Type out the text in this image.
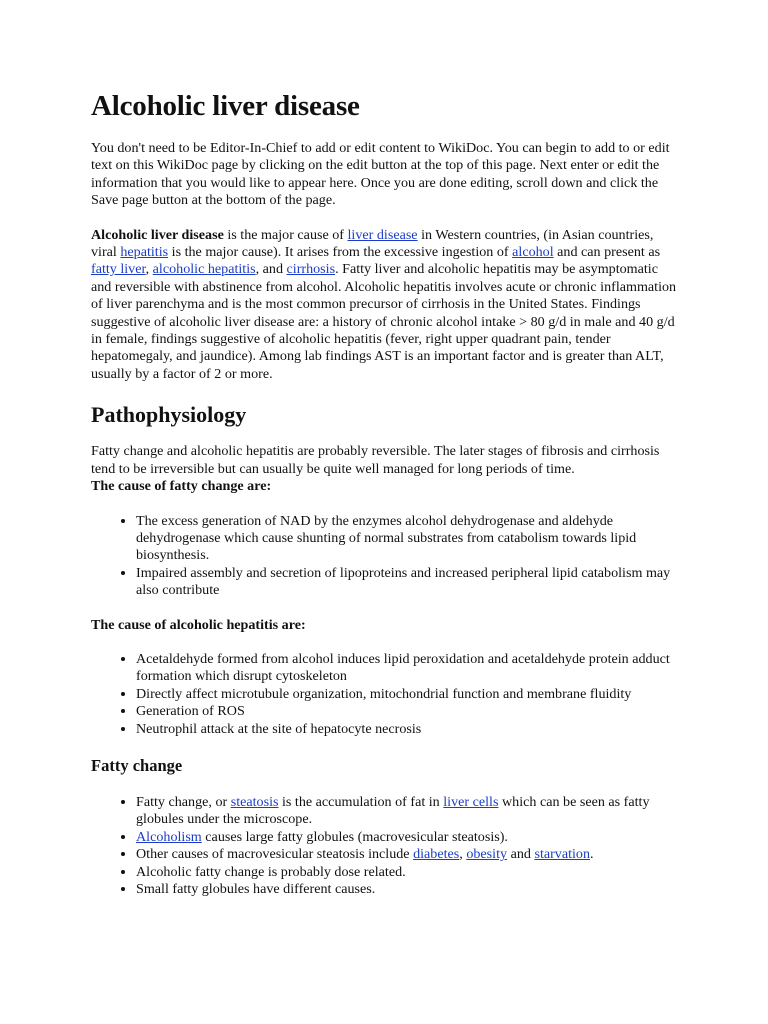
Alcoholic liver disease

You don't need to be Editor-In-Chief to add or edit content to WikiDoc. You can begin to add to or edit text on this WikiDoc page by clicking on the edit button at the top of this page. Next enter or edit the information that you would like to appear here. Once you are done editing, scroll down and click the Save page button at the bottom of the page.

Alcoholic liver disease is the major cause of liver disease in Western countries, (in Asian countries, viral hepatitis is the major cause). It arises from the excessive ingestion of alcohol and can present as fatty liver, alcoholic hepatitis, and cirrhosis. Fatty liver and alcoholic hepatitis may be asymptomatic and reversible with abstinence from alcohol. Alcoholic hepatitis involves acute or chronic inflammation of liver parenchyma and is the most common precursor of cirrhosis in the United States. Findings suggestive of alcoholic liver disease are: a history of chronic alcohol intake > 80 g/d in male and 40 g/d in female, findings suggestive of alcoholic hepatitis (fever, right upper quadrant pain, tender hepatomegaly, and jaundice). Among lab findings AST is an important factor and is greater than ALT, usually by a factor of 2 or more.

Pathophysiology

Fatty change and alcoholic hepatitis are probably reversible. The later stages of fibrosis and cirrhosis tend to be irreversible but can usually be quite well managed for long periods of time.
The cause of fatty change are:

• The excess generation of NAD by the enzymes alcohol dehydrogenase and aldehyde dehydrogenase which cause shunting of normal substrates from catabolism towards lipid biosynthesis.
• Impaired assembly and secretion of lipoproteins and increased peripheral lipid catabolism may also contribute

The cause of alcoholic hepatitis are:

• Acetaldehyde formed from alcohol induces lipid peroxidation and acetaldehyde protein adduct formation which disrupt cytoskeleton
• Directly affect microtubule organization, mitochondrial function and membrane fluidity
• Generation of ROS
• Neutrophil attack at the site of hepatocyte necrosis
Fatty change
• Fatty change, or steatosis is the accumulation of fat in liver cells which can be seen as fatty globules under the microscope.
• Alcoholism causes large fatty globules (macrovesicular steatosis).
• Other causes of macrovesicular steatosis include diabetes, obesity and starvation.
• Alcoholic fatty change is probably dose related.
• Small fatty globules have different causes.
